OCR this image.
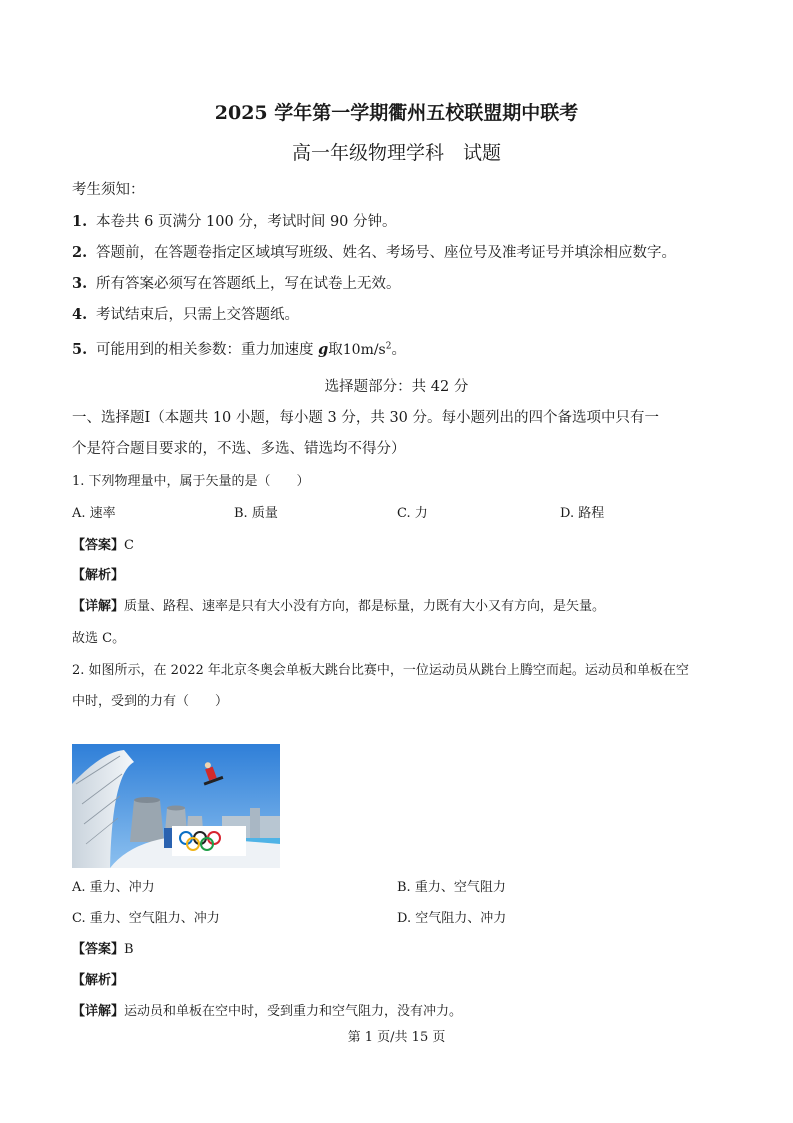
2025 学年第一学期衢州五校联盟期中联考
高一年级物理学科　试题
考生须知：
1. 本卷共 6 页满分 100 分，考试时间 90 分钟。
2. 答题前，在答题卷指定区域填写班级、姓名、考场号、座位号及准考证号并填涂相应数字。
3. 所有答案必须写在答题纸上，写在试卷上无效。
4. 考试结束后，只需上交答题纸。
5. 可能用到的相关参数：重力加速度 g取$10m/s^2$。
选择题部分：共 42 分
一、选择题Ⅰ（本题共 10 小题，每小题 3 分，共 30 分。每小题列出的四个备选项中只有一
个是符合题目要求的，不选、多选、错选均不得分）
1. 下列物理量中，属于矢量的是（　　）
A. 速率	B. 质量	C. 力	D. 路程
【答案】C
【解析】
【详解】质量、路程、速率是只有大小没有方向，都是标量，力既有大小又有方向，是矢量。
故选 C。
2. 如图所示，在 2022 年北京冬奥会单板大跳台比赛中，一位运动员从跳台上腾空而起。运动员和单板在空
中时，受到的力有（　　）
A. 重力、冲力	B. 重力、空气阻力
C. 重力、空气阻力、冲力	D. 空气阻力、冲力
【答案】B
【解析】
【详解】运动员和单板在空中时，受到重力和空气阻力，没有冲力。
第 1 页/共 15 页
